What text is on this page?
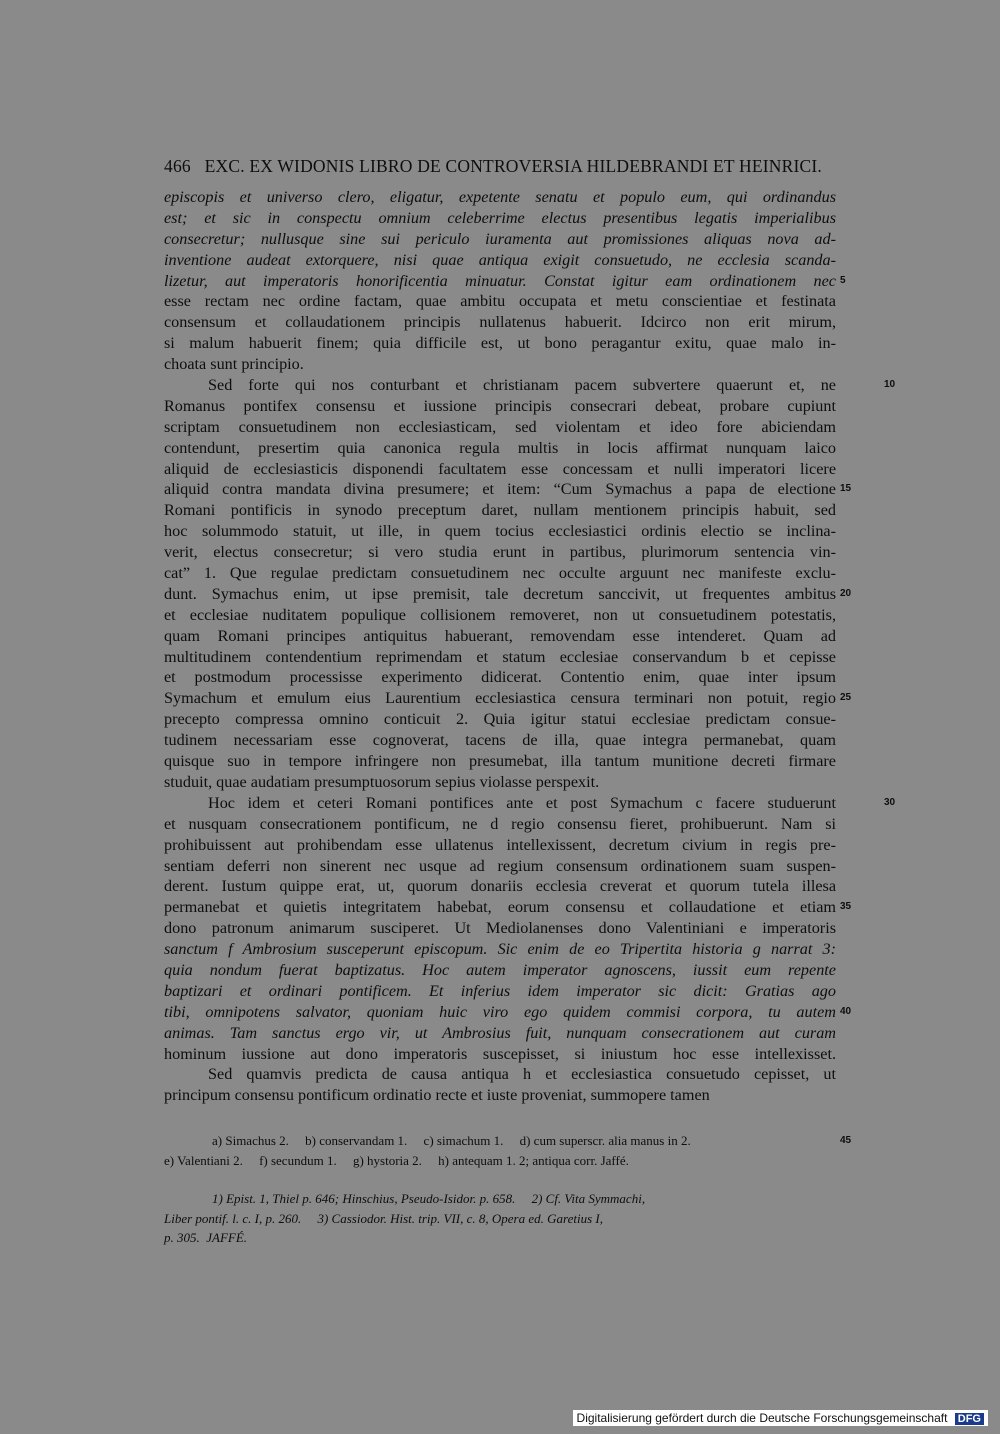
466 EXC. EX WIDONIS LIBRO DE CONTROVERSIA HILDEBRANDI ET HEINRICI.
episcopis et universo clero, eligatur, expetente senatu et populo eum, qui ordinandus
est; et sic in conspectu omnium celeberrime electus presentibus legatis imperialibus
consecretur; nullusque sine sui periculo iuramenta aut promissiones aliquas nova ad-
inventione audeat extorquere, nisi quae antiqua exigit consuetudo, ne ecclesia scanda-
lizetur, aut imperatoris honorificentia minuatur. Constat igitur eam ordinationem nec 5
esse rectam nec ordine factam, quae ambitu occupata et metu conscientiae et festinata
consensum et collaudationem principis nullatenus habuerit. Idcirco non erit mirum,
si malum habuerit finem; quia difficile est, ut bono peragantur exitu, quae malo in-
choata sunt principio.
Sed forte qui nos conturbant et christianam pacem subvertere quaerunt et, ne	10
Romanus pontifex consensu et iussione principis consecrari debeat, probare cupiunt
scriptam consuetudinem non ecclesiasticam, sed violentam et ideo fore abiciendam
contendunt, presertim quia canonica regula multis in locis affirmat nunquam laico
aliquid de ecclesiasticis disponendi facultatem esse concessam et nulli imperatori licere
aliquid contra mandata divina presumere; et item: “Cum Symachus a papa de electione 15
Romani pontificis in synodo preceptum daret, nullam mentionem principis habuit, sed
hoc solummodo statuit, ut ille, in quem tocius ecclesiastici ordinis electio se inclina-
verit, electus consecretur; si vero studia erunt in partibus, plurimorum sentencia vin-
cat” 1. Que regulae predictam consuetudinem nec occulte arguunt nec manifeste exclu-
dunt. Symachus enim, ut ipse premisit, tale decretum sanccivit, ut frequentes ambitus 20
et ecclesiae nuditatem populique collisionem removeret, non ut consuetudinem potestatis,
quam Romani principes antiquitus habuerant, removendam esse intenderet. Quam ad
multitudinem contendentium reprimendam et statum ecclesiae conservandum b et cepisse
et postmodum processisse experimento didicerat. Contentio enim, quae inter ipsum
Symachum et emulum eius Laurentium ecclesiastica censura terminari non potuit, regio 25
precepto compressa omnino conticuit 2. Quia igitur statui ecclesiae predictam consue-
tudinem necessariam esse cognoverat, tacens de illa, quae integra permanebat, quam
quisque suo in tempore infringere non presumebat, illa tantum munitione decreti firmare
studuit, quae audatiam presumptuosorum sepius violasse perspexit.
Hoc idem et ceteri Romani pontifices ante et post Symachum c facere studuerunt	30
et nusquam consecrationem pontificum, ne d regio consensu fieret, prohibuerunt. Nam si
prohibuissent aut prohibendam esse ullatenus intellexissent, decretum civium in regis pre-
sentiam deferri non sinerent nec usque ad regium consensum ordinationem suam suspen-
derent. Iustum quippe erat, ut, quorum donariis ecclesia creverat et quorum tutela illesa
permanebat et quietis integritatem habebat, eorum consensu et collaudatione et etiam 35
dono patronum animarum susciperet. Ut Mediolanenses dono Valentiniani e imperatoris
sanctum f Ambrosium susceperunt episcopum. Sic enim de eo Tripertita historia g narrat 3:
quia nondum fuerat baptizatus. Hoc autem imperator agnoscens, iussit eum repente
baptizari et ordinari pontificem. Et inferius idem imperator sic dicit: Gratias ago
tibi, omnipotens salvator, quoniam huic viro ego quidem commisi corpora, tu autem 40
animas. Tam sanctus ergo vir, ut Ambrosius fuit, nunquam consecrationem aut curam
hominum iussione aut dono imperatoris suscepisset, si iniustum hoc esse intellexisset.
Sed quamvis predicta de causa antiqua h et ecclesiastica consuetudo cepisset, ut
principum consensu pontificum ordinatio recte et iuste proveniat, summopere tamen
a) Simachus 2.     b) conservandam 1.     c) simachum 1.     d) cum superscr. alia manus in 2.	45
e) Valentiani 2.     f) secundum 1.     g) hystoria 2.     h) antequam 1. 2; antiqua corr. Jaffé.
1) Epist. 1, Thiel p. 646; Hinschius, Pseudo-Isidor. p. 658.     2) Cf. Vita Symmachi,
Liber pontif. l. c. I, p. 260.     3) Cassiodor. Hist. trip. VII, c. 8, Opera ed. Garetius I,
p. 305.  JAFFÉ.
Digitalisierung gefördert durch die Deutsche Forschungsgemeinschaft DFG
